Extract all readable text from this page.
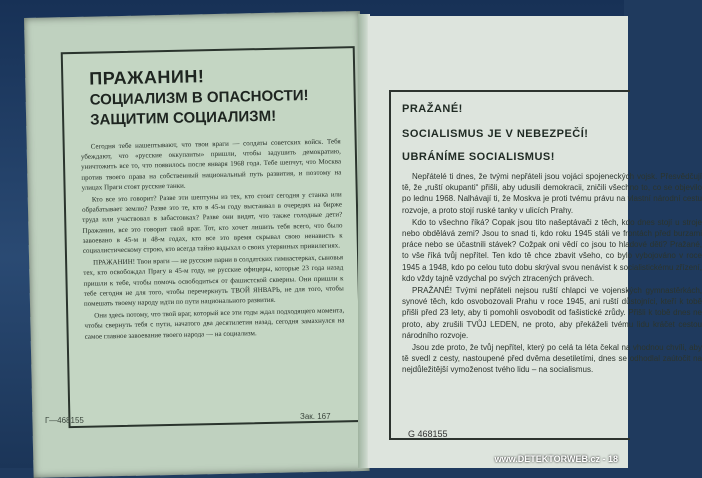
ПРАЖАНИН!
СОЦИАЛИЗМ В ОПАСНОСТИ!
ЗАЩИТИМ СОЦИАЛИЗМ!

Сегодня тебе нашептывают, что твои враги — солдаты советских войск. Тебя убеждают, что «русские оккупанты» пришли, чтобы задушить демократию, уничтожить все то, что появилось после января 1968 года. Тебе шепчут, что Москва против твоего права на собственный национальный путь развития, и поэтому на улицах Праги стоят русские танки.

Кто все это говорит? Разве эти шептуны из тех, кто стоит сегодня у станка или обрабатывает землю? Разве это те, кто в 45-м году выстаивал в очередях на бирже труда или участвовал в забастовках? Разве они видят, что также голодные дети? Пражанин, все это говорит твой враг. Тот, кто хочет лишить тебя всего, что было завоевано в 45-м и 48-м годах, кто все это время скрывал свою ненависть к социалистическому строю, кто всегда тайно вздыхал о своих утерянных привилегиях.

ПРАЖАНИН! Твои враги — не русские парни в солдатских гимнастерках, сыновья тех, кто освобождал Прагу в 45-м году, не русские офицеры, которые 23 года назад пришли к тебе, чтобы помочь освободиться от фашистской скверны. Они пришли к тебе сегодня не для того, чтобы перечеркнуть ТВОЙ ЯНВАРЬ, не для того, чтобы помешать твоему народу идти по пути национального развития.

Они здесь потому, что твой враг, который все эти годы ждал подходящего момента, чтобы свернуть тебя с пути, начатого два десятилетия назад, сегодня замахнулся на самое главное завоевание твоего народа — на социализм.

Г—468155	Зак. 167
PRAŽANÉ!
SOCIALISMUS JE V NEBEZPEČÍ!
UBRÁNÍME SOCIALISMUS!

Nepřátelé ti dnes, že tvými nepřáteli jsou vojáci spojeneckých vojsk. Přesvědčují tě, že „ruští okupanti“ přišli, aby udusili demokracii, zničili všechno to, co se objevilo po lednu 1968. Nalhávají ti, že Moskva je proti tvému právu na vlastní národní cestu rozvoje, a proto stojí ruské tanky v ulicích Prahy.

Kdo to všechno říká? Copak jsou tito našeptávači z těch, kdo dnes stojí u stroje nebo obdělává zemi? Jsou to snad ti, kdo roku 1945 stáli ve frontách před burzami práce nebo se účastnili stávek? Cožpak oni vědí co jsou to hladové děti? Pražané, to vše říká tvůj nepřítel. Ten kdo tě chce zbavit všeho, co bylo vybojováno v roce 1945 a 1948, kdo po celou tuto dobu skrýval svou nenávist k socialistickému zřízení, kdo vždy tajně vzdychal po svých ztracených právech.

PRAŽANÉ! Tvými nepřáteli nejsou ruští chlapci ve vojenských gymnastěrkách, synové těch, kdo osvobozovali Prahu v roce 1945, ani ruští důstojníci, kteří k tobě přišli před 23 lety, aby ti pomohli osvobodit od fašistické zrůdy. Přišli k tobě dnes ne proto, aby zrušili TVŮJ LEDEN, ne proto, aby překáželi tvému lidu kráčet cestou národního rozvoje.

Jsou zde proto, že tvůj nepřítel, který po celá ta léta čekal na vhodnou chvíli, aby tě svedl z cesty, nastoupené před dvěma desetiletími, dnes se odhodlal zaútočit na nejdůležitější vymoženost tvého lidu – na socialismus.

G 468155
www.DETEKTORWEB.cz - 18
